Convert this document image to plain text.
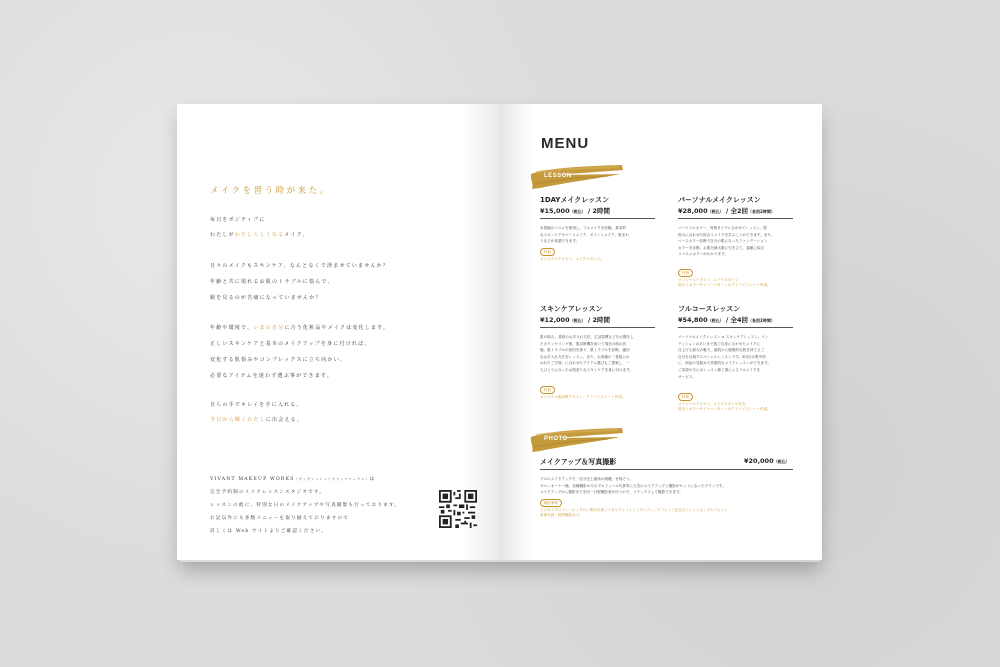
メイクを習う時が来た。
毎日をポジティブに
わたしがわたしらしくなるメイク。
日々のメイクもスキンケア、なんとなくで済ませていませんか？
年齢と共に現れるお肌のトラブルに悩んで、
鏡を見るのが苦痛になっていませんか？
年齢や環境で、いまの自分に合う化粧品やメイクは変化します。
正しいスキンケアと基本のメイクアップを身に付ければ、
変化する肌悩みやコンプレックスに立ち向かい、
必要なアイテムを迷わず選ぶ事ができます。
自らの手でキレイを手に入れる。
今日から輝くわたしに出会える。
VIVANT MAKEUP WORKS（ヴィヴァントメイクアップワークス）は
完全予約制のメイクレッスンスタジオです。
レッスンの他に、特別な日のメイクアップや写真撮影も行っております。
お記以外にも多数メニューを取り揃えておりますので
詳しくは Web サイトよりご確認ください。
MENU
LESSON
1DAYメイクレッスン
¥15,000（税込） / 2時間
本屋様のコスメを使用し、フルメイクを体験。基本的
なスキンケアやベースメイク、ポイントメイク、肌まわ
りなどが体感できます。
特典
オリジナルテキスト、メイクスポンジ。
パーソナルメイクレッスン
¥28,000（税込） / 全2回（各回2時間）
パーソナルカラー、骨格タイプに合わせてレッスン。肌
悩みに合わせた似合うメイクを学ぶことができます。また、
ベースカラー診断で自分の肌になったファンデーション
カラーを診断。お肌を最大限に引き立て、素敵に似合
うコスメカラーがわかります。
特典
オリジナルテキスト、メイクスポンジ、
似合うカラーサイバーパターンのアドバイスシート作成。
スキンケアレッスン
¥12,000（税込） / 2時間
肌の悩み、普段のお手入れ方法、生活習慣などをお聞きし
たカウンセリング後、肌診断機を用いて現在の肌の状
態。肌トラブルの原因を探り、肌トラブルを診断。適切
なお手入れ方法をレッスン。また、お客様の「普段にか
かれたご予算」に合わせたアイテム選びもご提案し、一
人ひとりに合ったお肌造りなスキンケアを身に付けます。
特典
オリジナル肌診断テキスト、アドバイスシート作成。
フルコースレッスン
¥54,800（税込） / 全4回（各回2時間）
パーソナルメイクレッスン × スキンケアレッスン。コン
ディションのあいまで肌ご自身に合わせたメイクに
仕上げる最大の魅力、素肌から健康的な肌を持てるご
自分を目指すスペシャルレッスンです。3回目の集中的
に、商品の見極めで効果的なメイクレッスンができます。
ご希望の方にはレッスン修了書によるフルメイクを
サービス。
特典
オリジナルテキスト、メイクスポンジ付き、
似合うカラーサイバーパターンのアドバイスシート作成。
PHOTO
メイクアップ＆写真撮影	¥20,000（税込）
プロのメイクアップで「自分史上最高の綺麗」を残そう。
サロンオーナー様、各種撮影の方のプロフィール写真等に人気のメイクアップと撮影がセットになったプランです。
メイクアップから撮影までを同一日程撮影者が行うので、リラックスして撮影できます。
撮影事例
ビジネスプロフィール / サロン集合写真 / マタニティフォト / ウェディングフォト / 記念日フォト / カップルフォト /
家族写真 / 個別撮影など
